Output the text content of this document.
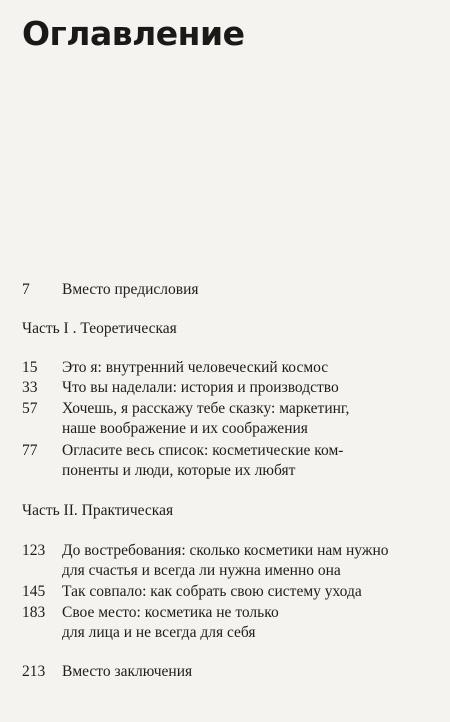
Оглавление
7	Вместо предисловия
Часть I . Теоретическая
15	Это я: внутренний человеческий космос
33	Что вы наделали: история и производство
57	Хочешь, я расскажу тебе сказку: маркетинг,
наше воображение и их соображения
77	Огласите весь список: косметические ком-
поненты и люди, которые их любят
Часть II. Практическая
123	До востребования: сколько косметики нам нужно
для счастья и всегда ли нужна именно она
145	Так совпало: как собрать свою систему ухода
183	Свое место: косметика не только
для лица и не всегда для себя
213	Вместо заключения
